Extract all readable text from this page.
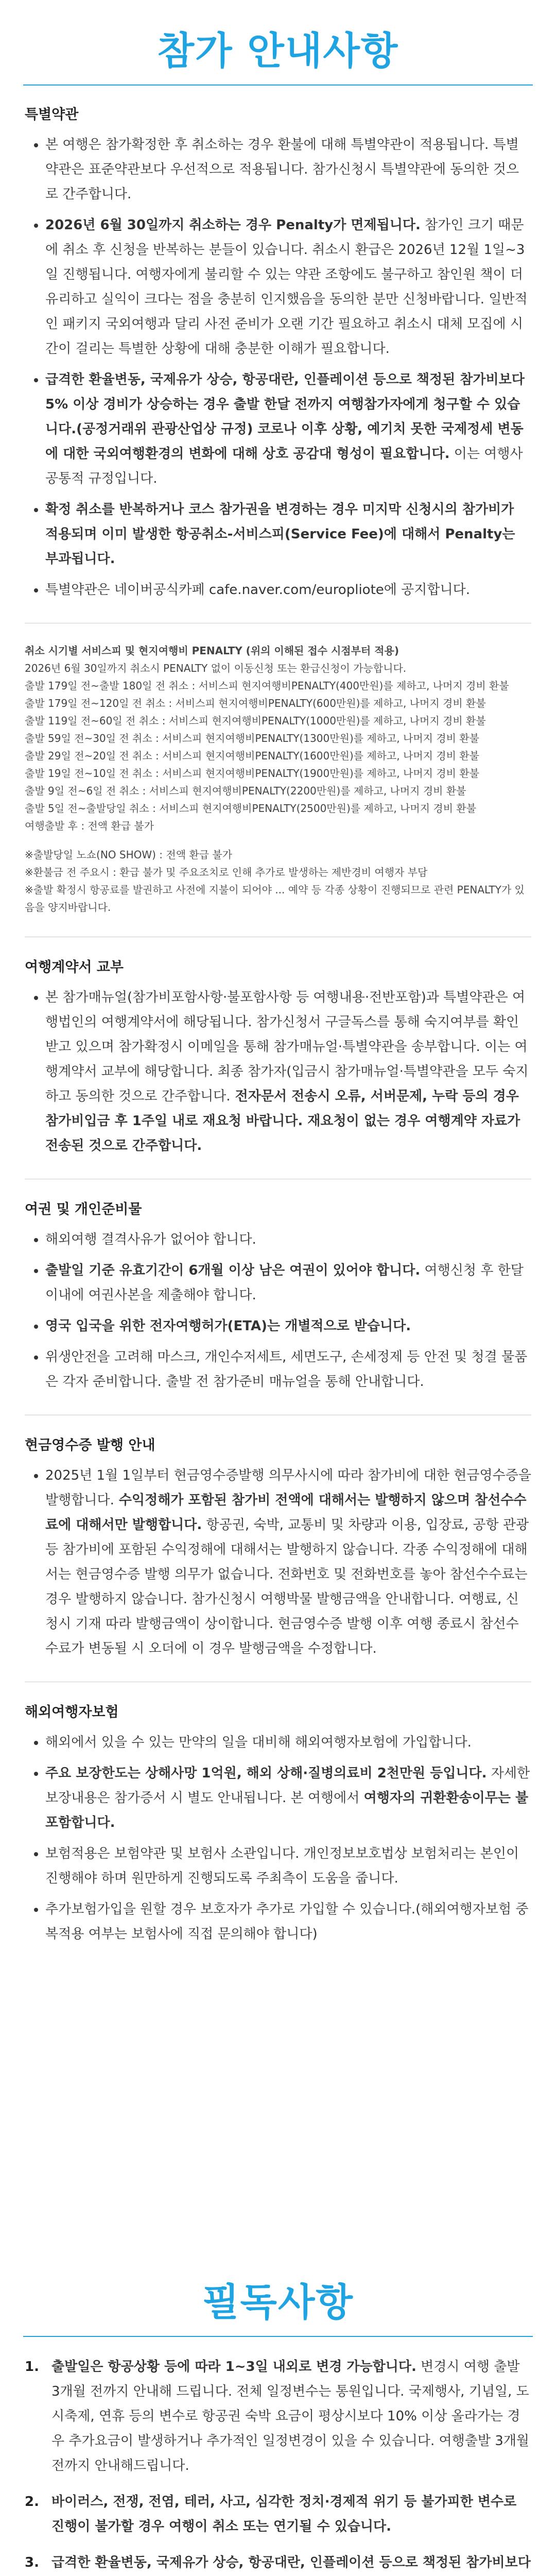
참가 안내사항
특별약관
• 본 여행은 참가확정한 후 취소하는 경우 환불에 대해 특별약관이 적용됩니다. 특별약관은 표준약관보다 우선적으로 적용됩니다. 참가신청시 특별약관에 동의한 것으로 간주합니다.
• 2026년 6월 30일까지 취소하는 경우 Penalty가 면제됩니다. 참가인 크기 때문에 취소 후 신청을 반복하는 분들이 있습니다. 취소시 환급은 2026년 12월 1일~3일 진행됩니다. 여행자에게 불리할 수 있는 약관 조항에도 불구하고 참인원 책이 더 유리하고 실익이 크다는 점을 충분히 인지했음을 동의한 분만 신청바랍니다. 일반적인 패키지 국외여행과 달리 사전 준비가 오랜 기간 필요하고 취소시 대체 모집에 시간이 걸리는 특별한 상황에 대해 충분한 이해가 필요합니다.
• 급격한 환율변동, 국제유가 상승, 항공대란, 인플레이션 등으로 책정된 참가비보다 5% 이상 경비가 상승하는 경우 출발 한달 전까지 여행참가자에게 청구할 수 있습니다.(공정거래위 관광산업상 규정) 코로나 이후 상황, 예기치 못한 국제정세 변동에 대한 국외여행환경의 변화에 대해 상호 공감대 형성이 필요합니다. 이는 여행사 공통적 규정입니다.
• 확정 취소를 반복하거나 코스 참가권을 변경하는 경우 미지막 신청시의 참가비가 적용되며 이미 발생한 항공취소-서비스피(Service Fee)에 대해서 Penalty는 부과됩니다.
• 특별약관은 네이버공식카페 cafe.naver.com/europliote에 공지합니다.

취소 시기별 서비스피 및 현지여행비 PENALTY (위의 이해된 접수 시점부터 적용)

2026년 6월 30일까지 취소시 PENALTY 없이 이동신청 또는 환급신청이 가능합니다.

출발 179일 전~출발 180일 전 취소 : 서비스피 현지여행비PENALTY(400만원)를 제하고, 나머지 경비 환불

출발 179일 전~120일 전 취소 : 서비스피 현지여행비PENALTY(600만원)를 제하고, 나머지 경비 환불

출발 119일 전~60일 전 취소 : 서비스피 현지여행비PENALTY(1000만원)를 제하고, 나머지 경비 환불

출발 59일 전~30일 전 취소 : 서비스피 현지여행비PENALTY(1300만원)를 제하고, 나머지 경비 환불

출발 29일 전~20일 전 취소 : 서비스피 현지여행비PENALTY(1600만원)를 제하고, 나머지 경비 환불

출발 19일 전~10일 전 취소 : 서비스피 현지여행비PENALTY(1900만원)를 제하고, 나머지 경비 환불

출발 9일 전~6일 전 취소 : 서비스피 현지여행비PENALTY(2200만원)를 제하고, 나머지 경비 환불

출발 5일 전~출발당일 취소 : 서비스피 현지여행비PENALTY(2500만원)를 제하고, 나머지 경비 환불

여행출발 후 : 전액 환급 불가

※출발당일 노쇼(NO SHOW) : 전액 환급 불가

※환불금 전 주요시 : 환급 불가 및 주요조치로 인해 추가로 발생하는 제반경비 여행자 부담

※출발 확정시 항공료를 발권하고 사전에 지불이 되어야 ... 예약 등 각종 상황이 진행되므로 관련 PENALTY가 있음을 양지바랍니다.

여행계약서 교부
• 본 참가매뉴얼(참가비포함사항·불포함사항 등 여행내용·전반포함)과 특별약관은 여행법인의 여행계약서에 해당됩니다. 참가신청서 구글독스를 통해 숙지여부를 확인받고 있으며 참가확정시 이메일을 통해 참가매뉴얼·특별약관을 송부합니다. 이는 여행계약서 교부에 해당합니다. 최종 참가자(입금시 참가매뉴얼·특별약관을 모두 숙지하고 동의한 것으로 간주합니다. 전자문서 전송시 오류, 서버문제, 누락 등의 경우 참가비입금 후 1주일 내로 재요청 바랍니다. 재요청이 없는 경우 여행계약 자료가 전송된 것으로 간주합니다.
여권 및 개인준비물
• 해외여행 결격사유가 없어야 합니다.
• 출발일 기준 유효기간이 6개월 이상 남은 여권이 있어야 합니다. 여행신청 후 한달 이내에 여권사본을 제출해야 합니다.
• 영국 입국을 위한 전자여행허가(ETA)는 개별적으로 받습니다.
• 위생안전을 고려해 마스크, 개인수저세트, 세면도구, 손세정제 등 안전 및 청결 물품은 각자 준비합니다. 출발 전 참가준비 매뉴얼을 통해 안내합니다.
현금영수증 발행 안내
• 2025년 1월 1일부터 현금영수증발행 의무사시에 따라 참가비에 대한 현금영수증을 발행합니다. 수익정해가 포함된 참가비 전액에 대해서는 발행하지 않으며 참선수수료에 대해서만 발행합니다. 항공권, 숙박, 교통비 및 차량과 이용, 입장료, 공항 관광 등 참가비에 포함된 수익정해에 대해서는 발행하지 않습니다. 각종 수익정해에 대해서는 현금영수증 발행 의무가 없습니다. 전화번호 및 전화번호를 놓아 참선수수료는 경우 발행하지 않습니다. 참가신청시 여행박물 발행금액을 안내합니다. 여행료, 신청시 기재 따라 발행금액이 상이합니다. 현금영수증 발행 이후 여행 종료시 참선수수료가 변동될 시 오더에 이 경우 발행금액을 수정합니다.
해외여행자보험
• 해외에서 있을 수 있는 만약의 일을 대비해 해외여행자보험에 가입합니다.
• 주요 보장한도는 상해사망 1억원, 해외 상해·질병의료비 2천만원 등입니다. 자세한 보장내용은 참가증서 시 별도 안내됩니다. 본 여행에서 여행자의 귀환환송이무는 불포함합니다.
• 보험적용은 보험약관 및 보험사 소관입니다. 개인정보보호법상 보험처리는 본인이 진행해야 하며 원만하게 진행되도록 주최측이 도움을 줍니다.
• 추가보험가입을 원할 경우 보호자가 추가로 가입할 수 있습니다.(해외여행자보험 중복적용 여부는 보험사에 직접 문의해야 합니다)
필독사항
1. 출발일은 항공상황 등에 따라 1~3일 내외로 변경 가능합니다. 변경시 여행 출발 3개월 전까지 안내해 드립니다. 전체 일정변수는 통원입니다. 국제행사, 기념일, 도시축제, 연휴 등의 변수로 항공권 숙박 요금이 평상시보다 10% 이상 올라가는 경우 추가요금이 발생하거나 추가적인 일정변경이 있을 수 있습니다. 여행출발 3개월 전까지 안내해드립니다.

2. 바이러스, 전쟁, 전염, 테러, 사고, 심각한 정치·경제적 위기 등 불가피한 변수로 진행이 불가할 경우 여행이 취소 또는 연기될 수 있습니다.

3. 급격한 환율변동, 국제유가 상승, 항공대란, 인플레이션 등으로 책정된 참가비보다
